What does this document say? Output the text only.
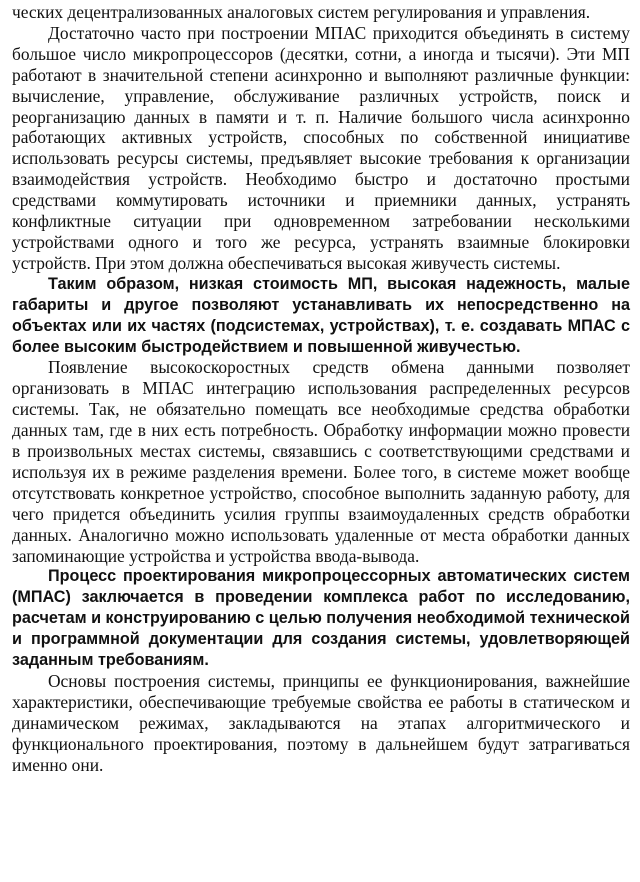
ческих децентрализованных аналоговых систем регулирования и управления.

Достаточно часто при построении МПАС приходится объединять в систему большое число микропроцессоров (десятки, сотни, а иногда и тысячи). Эти МП работают в значительной степени асинхронно и выполняют различные функции: вычисление, управление, обслуживание различных устройств, поиск и реорганизацию данных в памяти и т. п. Наличие большого числа асинхронно работающих активных устройств, способных по собственной инициативе использовать ресурсы системы, предъявляет высокие требования к организации взаимодействия устройств. Необходимо быстро и достаточно простыми средствами коммутировать источники и приемники данных, устранять конфликтные ситуации при одновременном затребовании несколькими устройствами одного и того же ресурса, устранять взаимные блокировки устройств. При этом должна обеспечиваться высокая живучесть системы.

Таким образом, низкая стоимость МП, высокая надежность, малые габариты и другое позволяют устанавливать их непосредственно на объектах или их частях (подсистемах, устройствах), т. е. создавать МПАС с более высоким быстродействием и повышенной живучестью.

Появление высокоскоростных средств обмена данными позволяет организовать в МПАС интеграцию использования распределенных ресурсов системы. Так, не обязательно помещать все необходимые средства обработки данных там, где в них есть потребность. Обработку информации можно провести в произвольных местах системы, связавшись с соответствующими средствами и используя их в режиме разделения времени. Более того, в системе может вообще отсутствовать конкретное устройство, способное выполнить заданную работу, для чего придется объединить усилия группы взаимоудаленных средств обработки данных. Аналогично можно использовать удаленные от места обработки данных запоминающие устройства и устройства ввода-вывода.

Процесс проектирования микропроцессорных автоматических систем (МПАС) заключается в проведении комплекса работ по исследованию, расчетам и конструированию с целью получения необходимой технической и программной документации для создания системы, удовлетворяющей заданным требованиям.

Основы построения системы, принципы ее функционирования, важнейшие характеристики, обеспечивающие требуемые свойства ее работы в статическом и динамическом режимах, закладываются на этапах алгоритмического и функционального проектирования, поэтому в дальнейшем будут затрагиваться именно они.
